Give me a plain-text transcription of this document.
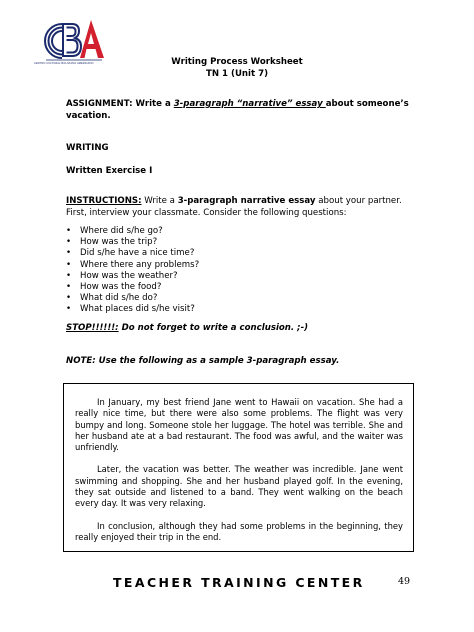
CENTRO CULTURAL BOLIVIANO AMERICANO	Writing Process Worksheet
TN 1 (Unit 7)
ASSIGNMENT: Write a 3-paragraph “narrative” essay about someone’s
vacation.
WRITING
Written Exercise I
INSTRUCTIONS: Write a 3-paragraph narrative essay about your partner.
First, interview your classmate. Consider the following questions:
• Where did s/he go?
• How was the trip?
• Did s/he have a nice time?
• Where there any problems?
• How was the weather?
• How was the food?
• What did s/he do?
• What places did s/he visit?
STOP!!!!!!: Do not forget to write a conclusion. ;-)
NOTE: Use the following as a sample 3-paragraph essay.

In January, my best friend Jane went to Hawaii on vacation. She had a really nice time, but there were also some problems. The flight was very bumpy and long. Someone stole her luggage. The hotel was terrible. She and her husband ate at a bad restaurant. The food was awful, and the waiter was unfriendly.

Later, the vacation was better. The weather was incredible. Jane went swimming and shopping. She and her husband played golf. In the evening, they sat outside and listened to a band. They went walking on the beach every day. It was very relaxing.

In conclusion, although they had some problems in the beginning, they really enjoyed their trip in the end.

TEACHER TRAINING CENTER	49
